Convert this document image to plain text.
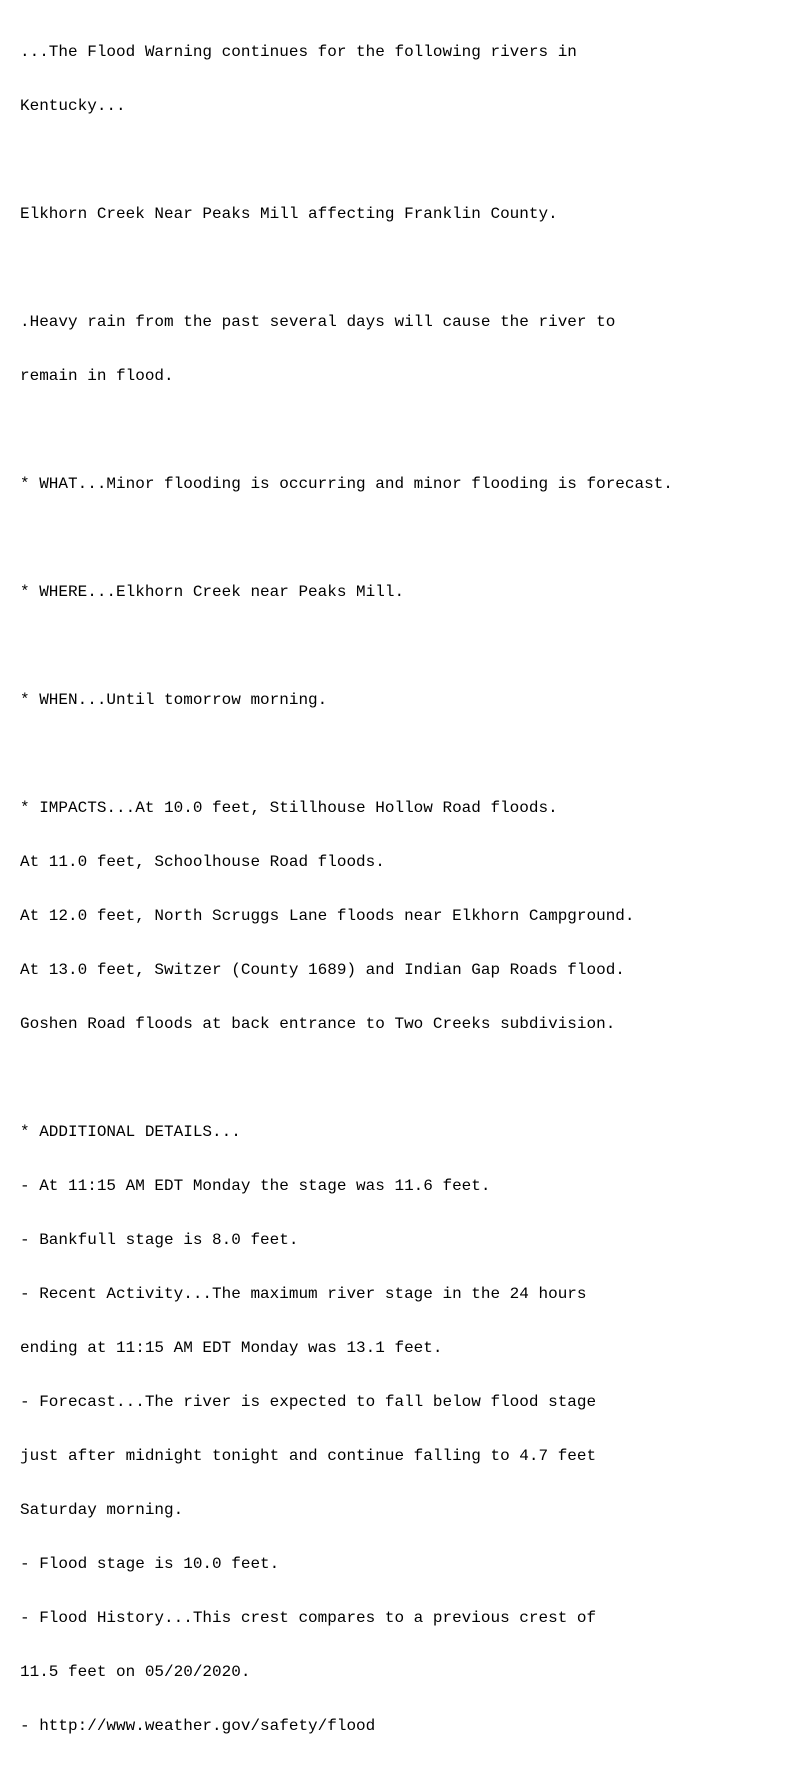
...The Flood Warning continues for the following rivers in

Kentucky...

Elkhorn Creek Near Peaks Mill affecting Franklin County.

.Heavy rain from the past several days will cause the river to

remain in flood.

* WHAT...Minor flooding is occurring and minor flooding is forecast.

* WHERE...Elkhorn Creek near Peaks Mill.

* WHEN...Until tomorrow morning.

* IMPACTS...At 10.0 feet, Stillhouse Hollow Road floods.

At 11.0 feet, Schoolhouse Road floods.

At 12.0 feet, North Scruggs Lane floods near Elkhorn Campground.

At 13.0 feet, Switzer (County 1689) and Indian Gap Roads flood.

Goshen Road floods at back entrance to Two Creeks subdivision.

* ADDITIONAL DETAILS...

- At 11:15 AM EDT Monday the stage was 11.6 feet.

- Bankfull stage is 8.0 feet.

- Recent Activity...The maximum river stage in the 24 hours

ending at 11:15 AM EDT Monday was 13.1 feet.

- Forecast...The river is expected to fall below flood stage

just after midnight tonight and continue falling to 4.7 feet

Saturday morning.

- Flood stage is 10.0 feet.

- Flood History...This crest compares to a previous crest of

11.5 feet on 05/20/2020.

- http://www.weather.gov/safety/flood
